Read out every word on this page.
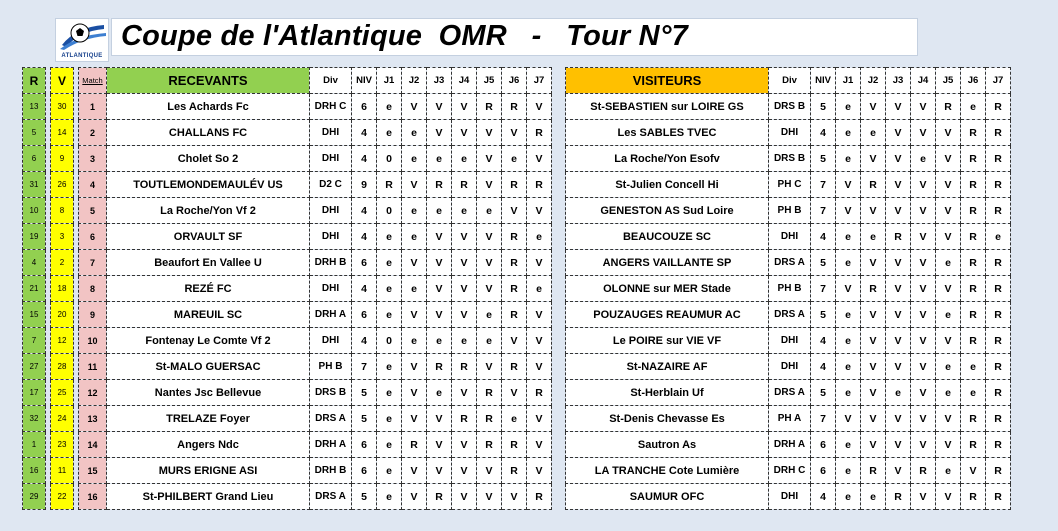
ATLANTIQUE
Coupe de l'Atlantique  OMR   -   Tour N°7
R		V		Match	RECEVANTS	Div	NIV	J1	J2	J3	J4	J5	J6	J7
13		30		1	Les Achards Fc	DRH C	6	e	V	V	V	R	R	V
5		14		2	CHALLANS FC	DHI	4	e	e	V	V	V	V	R
6		9		3	Cholet So 2	DHI	4	0	e	e	e	V	e	V
31		26		4	TOUTLEMONDEMAULÉV US	D2 C	9	R	V	R	R	V	R	R
10		8		5	La Roche/Yon Vf 2	DHI	4	0	e	e	e	e	V	V
19		3		6	ORVAULT SF	DHI	4	e	e	V	V	V	R	e
4		2		7	Beaufort En Vallee U	DRH B	6	e	V	V	V	V	R	V
21		18		8	REZÉ FC	DHI	4	e	e	V	V	V	R	e
15		20		9	MAREUIL SC	DRH A	6	e	V	V	V	e	R	V
7		12		10	Fontenay Le Comte Vf 2	DHI	4	0	e	e	e	e	V	V
27		28		11	St-MALO GUERSAC	PH B	7	e	V	R	R	V	R	V
17		25		12	Nantes Jsc Bellevue	DRS B	5	e	V	e	V	R	V	R
32		24		13	TRELAZE Foyer	DRS A	5	e	V	V	R	R	e	V
1		23		14	Angers Ndc	DRH A	6	e	R	V	V	R	R	V
16		11		15	MURS ERIGNE ASI	DRH B	6	e	V	V	V	V	R	V
29		22		16	St-PHILBERT Grand Lieu	DRS A	5	e	V	R	V	V	V	R
VISITEURS	Div	NIV	J1	J2	J3	J4	J5	J6	J7
St-SEBASTIEN sur LOIRE GS	DRS B	5	e	V	V	V	R	e	R
Les SABLES TVEC	DHI	4	e	e	V	V	V	R	R
La Roche/Yon Esofv	DRS B	5	e	V	V	e	V	R	R
St-Julien Concell Hi	PH C	7	V	R	V	V	V	R	R
GENESTON AS Sud Loire	PH B	7	V	V	V	V	V	R	R
BEAUCOUZE SC	DHI	4	e	e	R	V	V	R	e
ANGERS VAILLANTE SP	DRS A	5	e	V	V	V	e	R	R
OLONNE sur MER Stade	PH B	7	V	R	V	V	V	R	R
POUZAUGES REAUMUR AC	DRS A	5	e	V	V	V	e	R	R
Le POIRE sur VIE VF	DHI	4	e	V	V	V	V	R	R
St-NAZAIRE AF	DHI	4	e	V	V	V	e	e	R
St-Herblain Uf	DRS A	5	e	V	e	V	e	e	R
St-Denis Chevasse Es	PH A	7	V	V	V	V	V	R	R
Sautron As	DRH A	6	e	V	V	V	V	R	R
LA TRANCHE Cote Lumière	DRH C	6	e	R	V	R	e	V	R
SAUMUR OFC	DHI	4	e	e	R	V	V	R	R
